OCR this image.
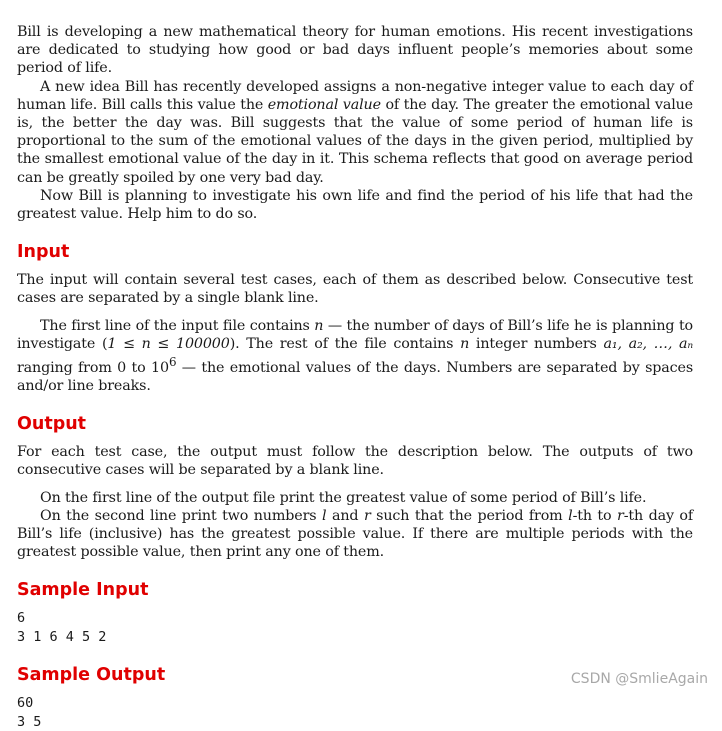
Bill is developing a new mathematical theory for human emotions. His recent investigations are dedicated to studying how good or bad days influent people’s memories about some period of life.

A new idea Bill has recently developed assigns a non-negative integer value to each day of human life. Bill calls this value the emotional value of the day. The greater the emotional value is, the better the day was. Bill suggests that the value of some period of human life is proportional to the sum of the emotional values of the days in the given period, multiplied by the smallest emotional value of the day in it. This schema reflects that good on average period can be greatly spoiled by one very bad day.

Now Bill is planning to investigate his own life and find the period of his life that had the greatest value. Help him to do so.

Input

The input will contain several test cases, each of them as described below. Consecutive test cases are separated by a single blank line.

The first line of the input file contains n — the number of days of Bill’s life he is planning to investigate (1 ≤ n ≤ 100000). The rest of the file contains n integer numbers a₁, a₂, …, aₙ ranging from 0 to $10^6$ — the emotional values of the days. Numbers are separated by spaces and/or line breaks.

Output

For each test case, the output must follow the description below. The outputs of two consecutive cases will be separated by a blank line.

On the first line of the output file print the greatest value of some period of Bill’s life.

On the second line print two numbers l and r such that the period from l-th to r-th day of Bill’s life (inclusive) has the greatest possible value. If there are multiple periods with the greatest possible value, then print any one of them.

Sample Input
6
3 1 6 4 5 2
Sample Output
60
3 5
CSDN @SmlieAgain
